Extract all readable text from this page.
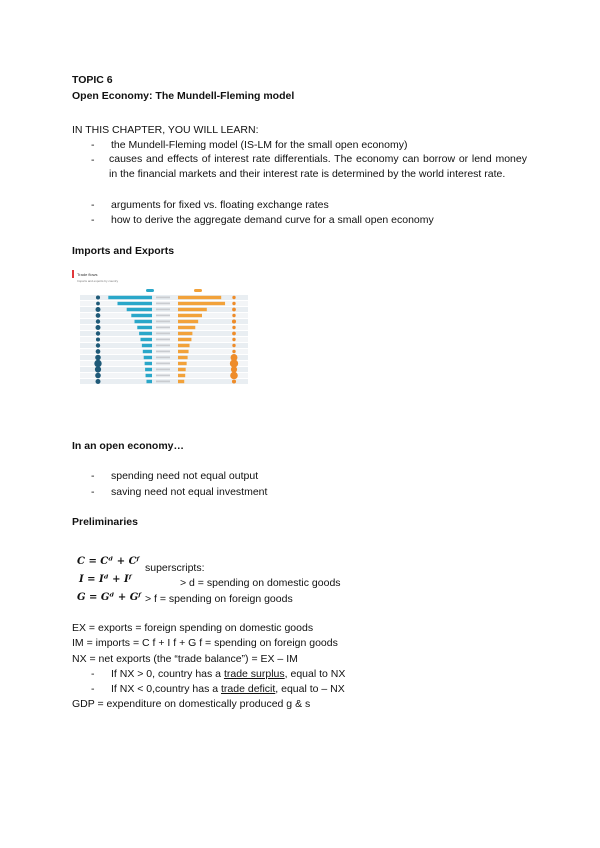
TOPIC 6
Open Economy: The Mundell-Fleming model
IN THIS CHAPTER, YOU WILL LEARN:
- the Mundell-Fleming model (IS-LM for the small open economy)
- causes and effects of interest rate differentials. The economy can borrow or lend money in the financial markets and their interest rate is determined by the world interest rate.
- arguments for fixed vs. floating exchange rates
- how to derive the aggregate demand curve for a small open economy
Imports and Exports
Trade flows
Imports and exports by country
In an open economy…
- spending need not equal output
- saving need not equal investment
Preliminaries
C = Cᵈ + Cᶠ
I = Iᵈ + Iᶠ
G = Gᵈ + Gᶠ
superscripts:
> d = spending on domestic goods
> f = spending on foreign goods
EX = exports = foreign spending on domestic goods
IM = imports = C f + I f + G f = spending on foreign goods
NX = net exports (the “trade balance”) = EX – IM
- If NX > 0, country has a trade surplus, equal to NX
- If NX < 0,country has a trade deficit, equal to – NX
GDP = expenditure on domestically produced g & s
